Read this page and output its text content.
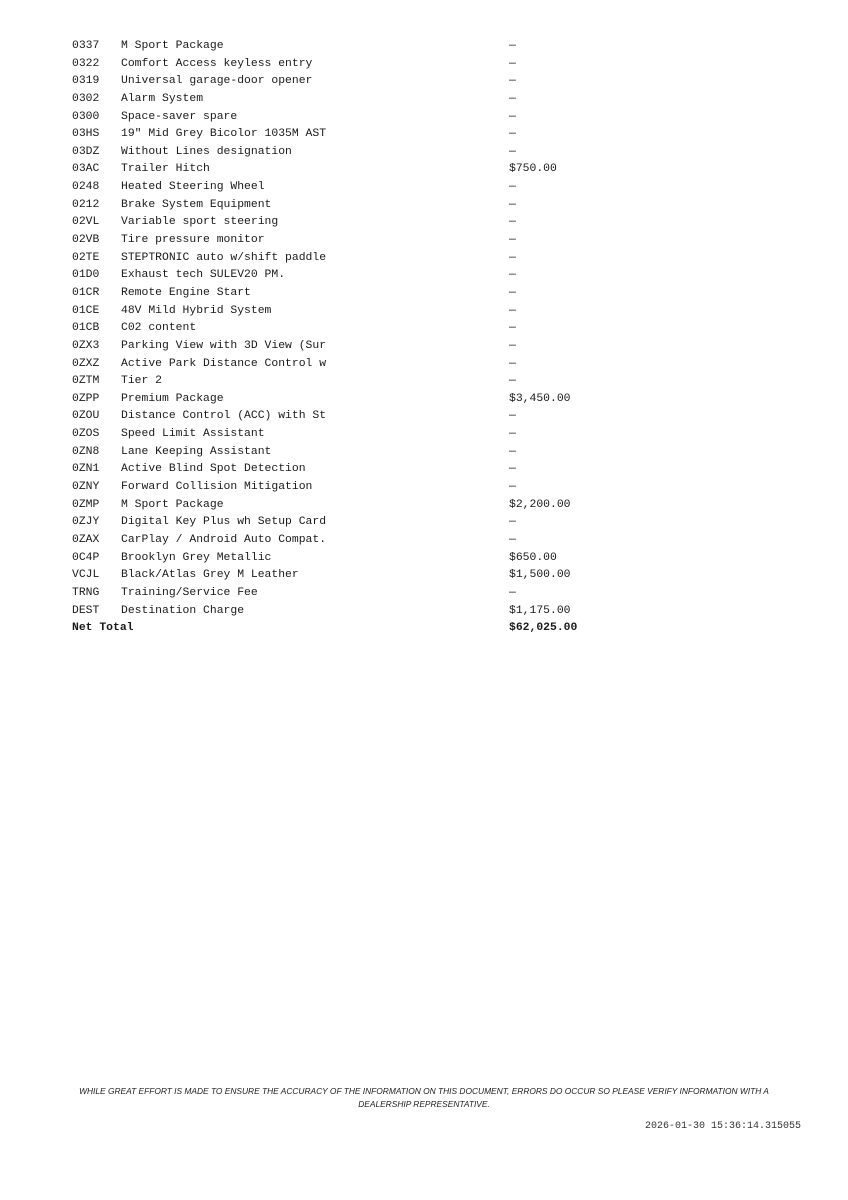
0337 M Sport Package	—
0322 Comfort Access keyless entry	—
0319 Universal garage-door opener	—
0302 Alarm System	—
0300 Space-saver spare	—
03HS 19" Mid Grey Bicolor 1035M AST	—
03DZ Without Lines designation	—
03AC Trailer Hitch	$750.00
0248 Heated Steering Wheel	—
0212 Brake System Equipment	—
02VL Variable sport steering	—
02VB Tire pressure monitor	—
02TE STEPTRONIC auto w/shift paddle	—
01D0 Exhaust tech SULEV20 PM.	—
01CR Remote Engine Start	—
01CE 48V Mild Hybrid System	—
01CB C02 content	—
0ZX3 Parking View with 3D View (Sur	—
0ZXZ Active Park Distance Control w	—
0ZTM Tier 2	—
0ZPP Premium Package	$3,450.00
0ZOU Distance Control (ACC) with St	—
0ZOS Speed Limit Assistant	—
0ZN8 Lane Keeping Assistant	—
0ZN1 Active Blind Spot Detection	—
0ZNY Forward Collision Mitigation	—
0ZMP M Sport Package	$2,200.00
0ZJY Digital Key Plus wh Setup Card	—
0ZAX CarPlay / Android Auto Compat.	—
0C4P Brooklyn Grey Metallic	$650.00
VCJL Black/Atlas Grey M Leather	$1,500.00
TRNG Training/Service Fee	—
DEST Destination Charge	$1,175.00
Net Total	$62,025.00
WHILE GREAT EFFORT IS MADE TO ENSURE THE ACCURACY OF THE INFORMATION ON THIS DOCUMENT, ERRORS DO OCCUR SO PLEASE VERIFY INFORMATION WITH A DEALERSHIP REPRESENTATIVE.
2026-01-30 15:36:14.315055
